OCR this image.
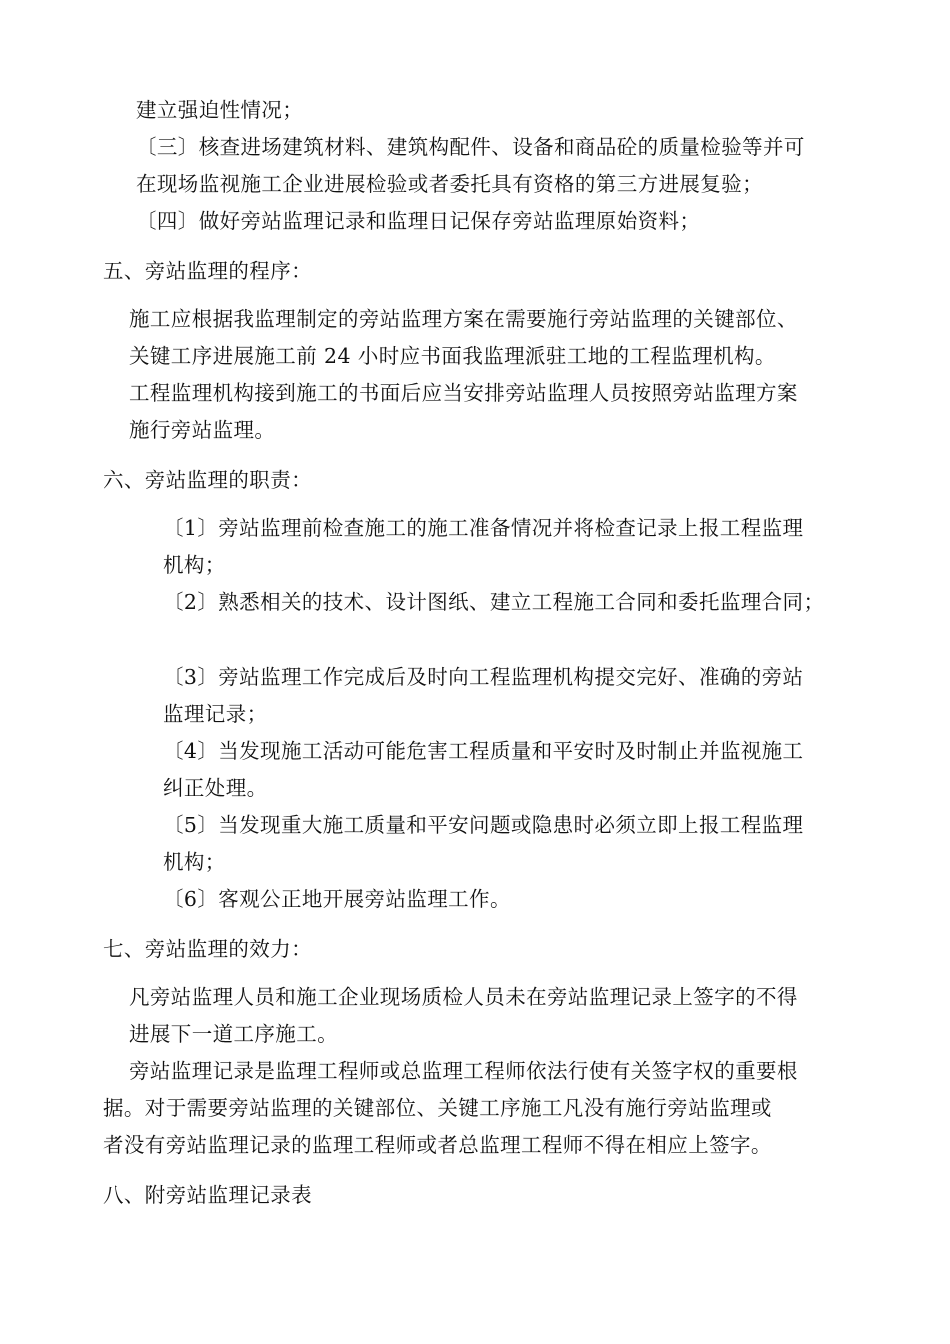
建立强迫性情况；
〔三〕核查进场建筑材料、建筑构配件、设备和商品砼的质量检验等并可
在现场监视施工企业进展检验或者委托具有资格的第三方进展复验；
〔四〕做好旁站监理记录和监理日记保存旁站监理原始资料；
五、旁站监理的程序：
施工应根据我监理制定的旁站监理方案在需要施行旁站监理的关键部位、
关键工序进展施工前 24 小时应书面我监理派驻工地的工程监理机构。
工程监理机构接到施工的书面后应当安排旁站监理人员按照旁站监理方案
施行旁站监理。
六、旁站监理的职责：
〔1〕旁站监理前检查施工的施工准备情况并将检查记录上报工程监理
机构；
〔2〕熟悉相关的技术、设计图纸、建立工程施工合同和委托监理合同；
〔3〕旁站监理工作完成后及时向工程监理机构提交完好、准确的旁站
监理记录；
〔4〕当发现施工活动可能危害工程质量和平安时及时制止并监视施工
纠正处理。
〔5〕当发现重大施工质量和平安问题或隐患时必须立即上报工程监理
机构；
〔6〕客观公正地开展旁站监理工作。
七、旁站监理的效力：
凡旁站监理人员和施工企业现场质检人员未在旁站监理记录上签字的不得
进展下一道工序施工。
旁站监理记录是监理工程师或总监理工程师依法行使有关签字权的重要根
据。对于需要旁站监理的关键部位、关键工序施工凡没有施行旁站监理或
者没有旁站监理记录的监理工程师或者总监理工程师不得在相应上签字。
八、附旁站监理记录表
